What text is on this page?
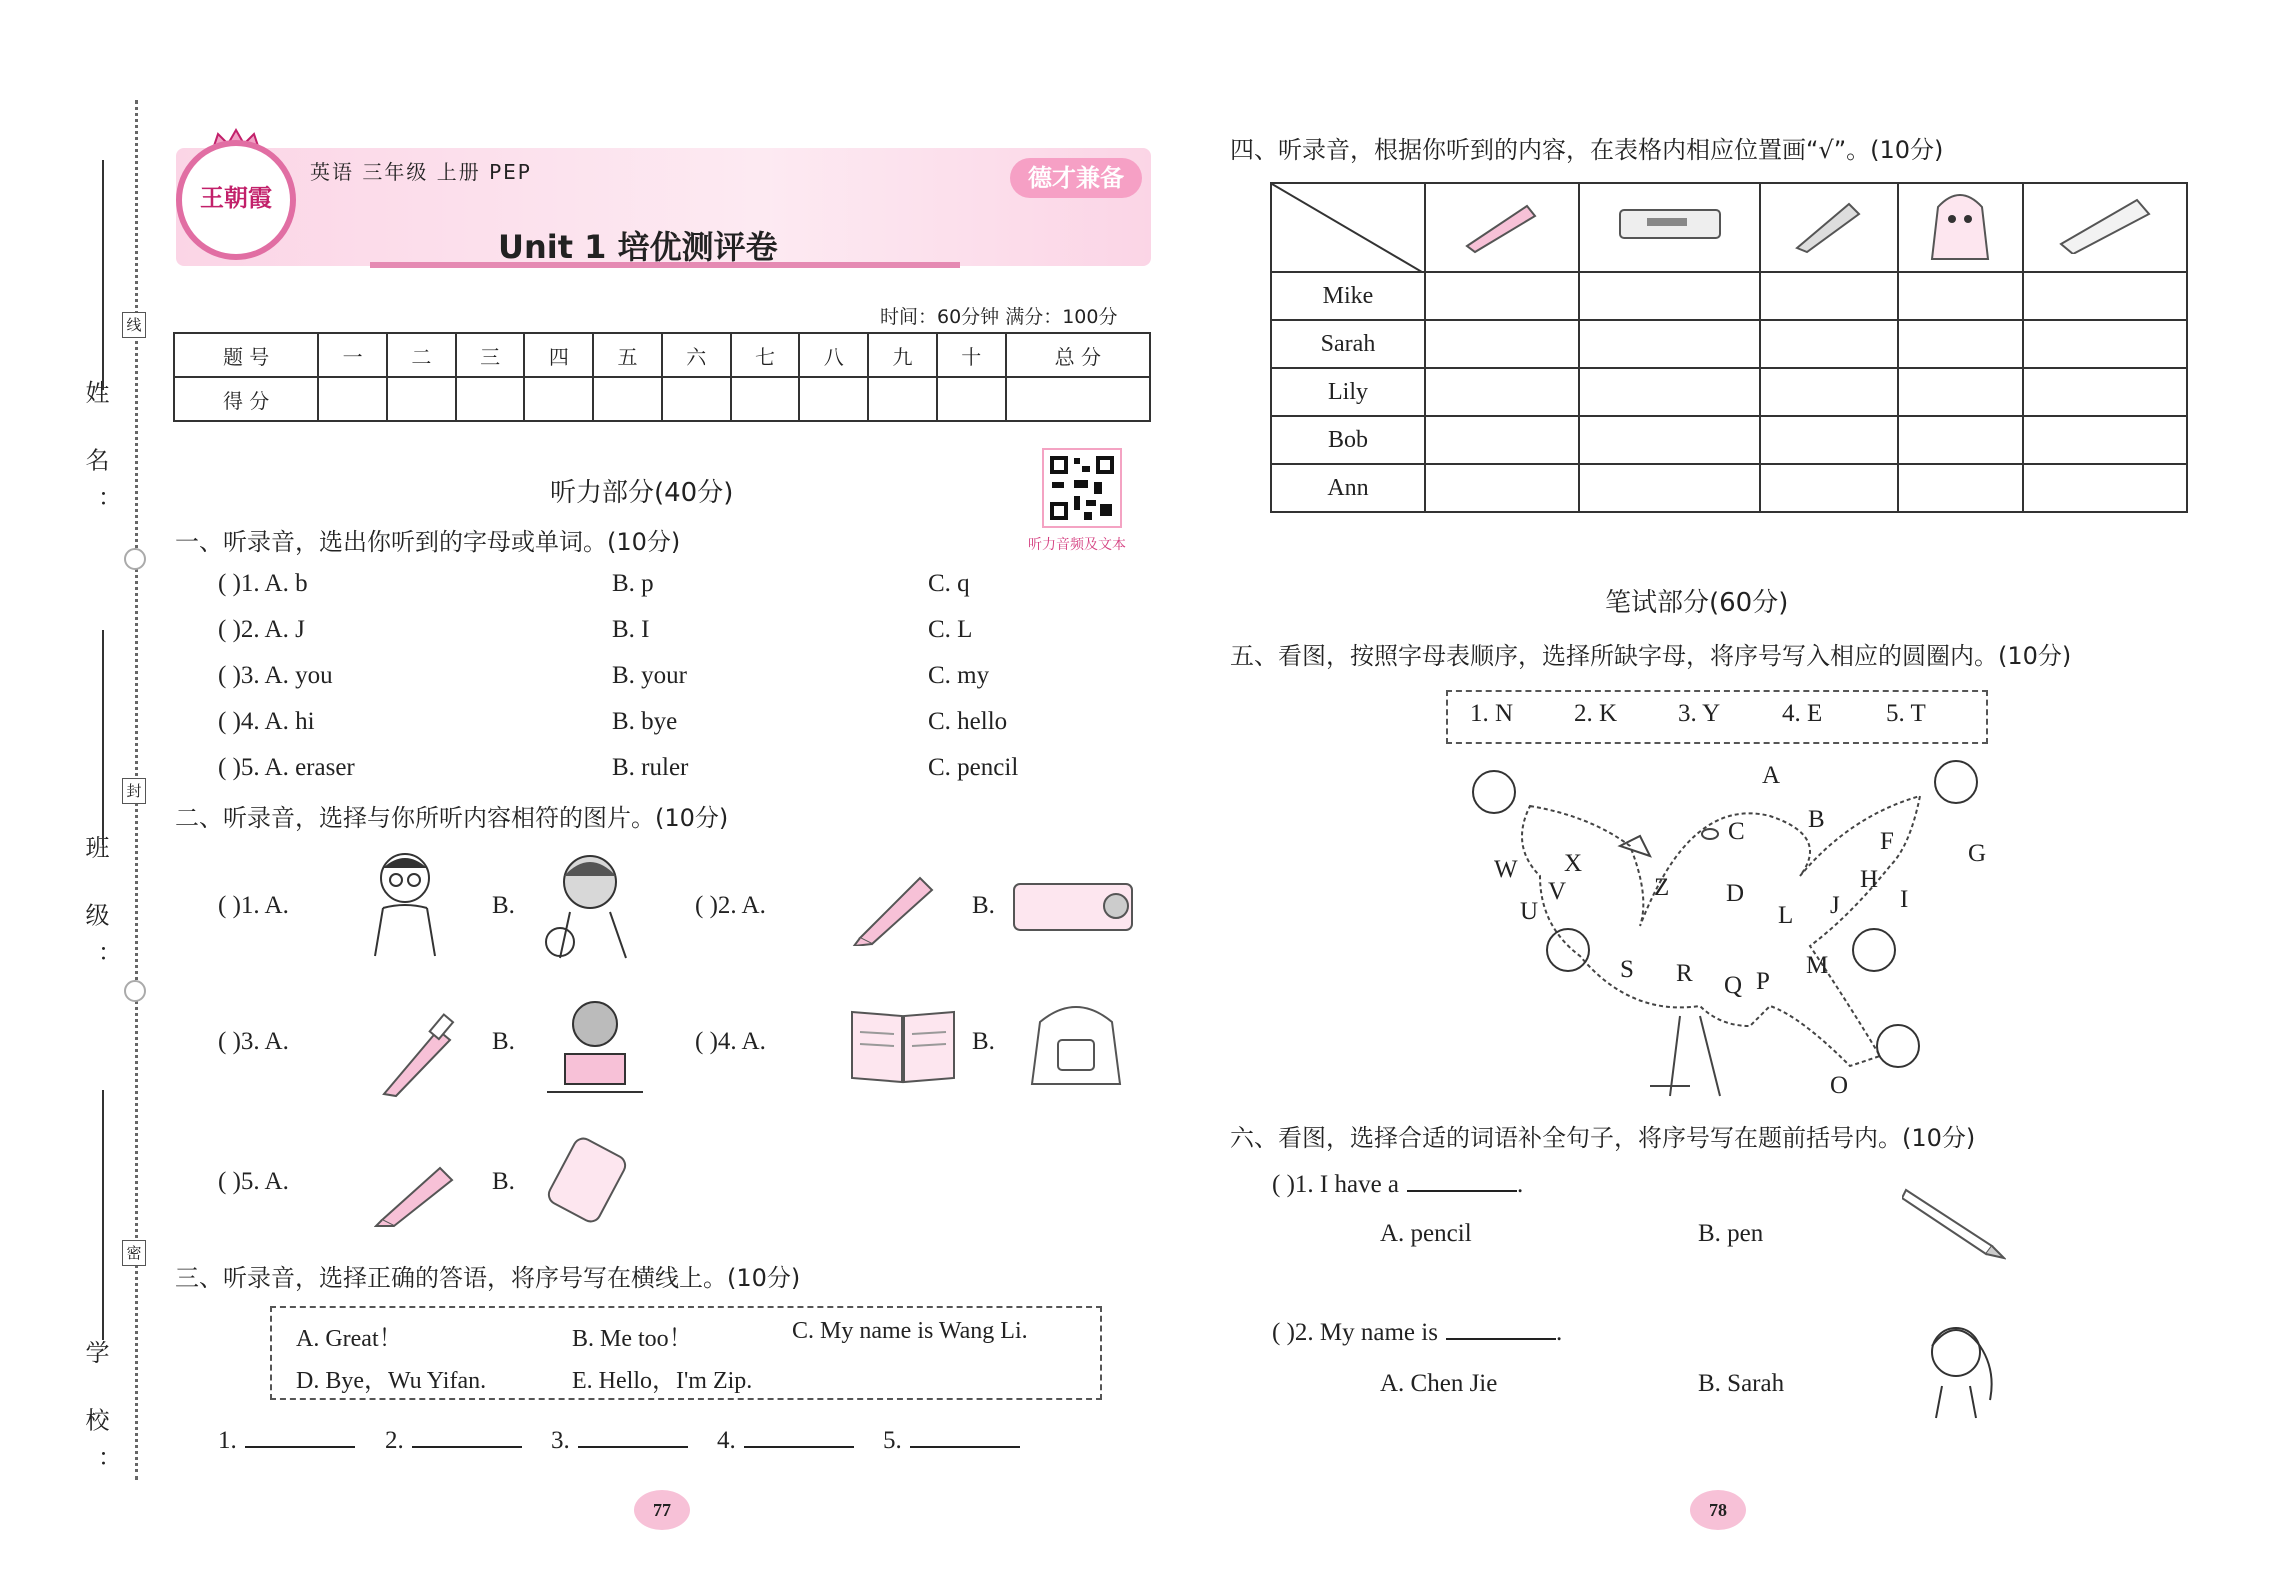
姓 名：
班 级：
学 校：
线
封
密
王朝霞
英语 三年级 上册 PEP
Unit 1 培优测评卷
德才兼备
时间：60分钟 满分：100分
题 号	一	二	三	四	五	六	七	八	九	十	总 分
得 分											
听力部分(40分)
听力音频及文本
一、听录音，选出你听到的字母或单词。(10分)
( )1. A. b	B. p	C. q
( )2. A. J	B. I	C. L
( )3. A. you	B. your	C. my
( )4. A. hi	B. bye	C. hello
( )5. A. eraser	B. ruler	C. pencil
二、听录音，选择与你所听内容相符的图片。(10分)
( )1. A.	B.	( )2. A.	B.
( )3. A.	B.	( )4. A.	B.
( )5. A.	B.
三、听录音，选择正确的答语，将序号写在横线上。(10分)
A. Great！	B. Me too！	C. My name is Wang Li.
D. Bye，Wu Yifan.	E. Hello，I'm Zip.
1.	2.	3.	4.	5.
77
四、听录音，根据你听到的内容，在表格内相应位置画“√”。(10分)

Mike					
Sarah					
Lily					
Bob					
Ann					
笔试部分(60分)
五、看图，按照字母表顺序，选择所缺字母，将序号写入相应的圆圈内。(10分)
1. N 2. K 3. Y 4. E	5. T
A
B
C
D
F	G
H
I
J
L
M
O
P
Q
R
S
U
V
W X
Z
六、看图，选择合适的词语补全句子，将序号写在题前括号内。(10分)
( )1. I have a	.
A. pencil	B. pen
( )2. My name is	.
A. Chen Jie	B. Sarah
78
